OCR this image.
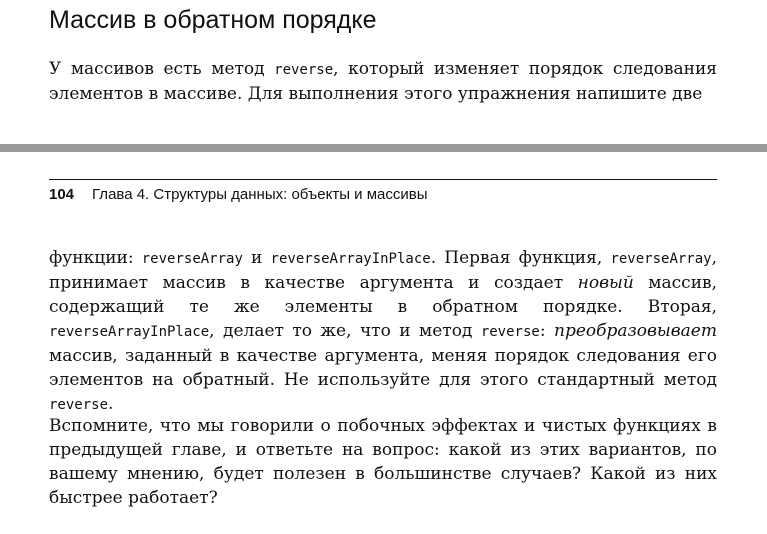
Массив в обратном порядке

У массивов есть метод reverse, который изменяет порядок следования элементов в массиве. Для выполнения этого упражнения напишите две

104 Глава 4. Структуры данных: объекты и массивы

функции: reverseArray и reverseArrayInPlace. Первая функция, reverseArray, принимает массив в качестве аргумента и создает новый массив, содержащий те же элементы в обратном порядке. Вторая, reverseArrayInPlace, делает то же, что и метод reverse: преобразовывает массив, заданный в качестве аргумента, меняя порядок следования его элементов на обратный. Не используйте для этого стандартный метод reverse.

Вспомните, что мы говорили о побочных эффектах и чистых функциях в предыдущей главе, и ответьте на вопрос: какой из этих вариантов, по вашему мнению, будет полезен в большинстве случаев? Какой из них быстрее работает?
